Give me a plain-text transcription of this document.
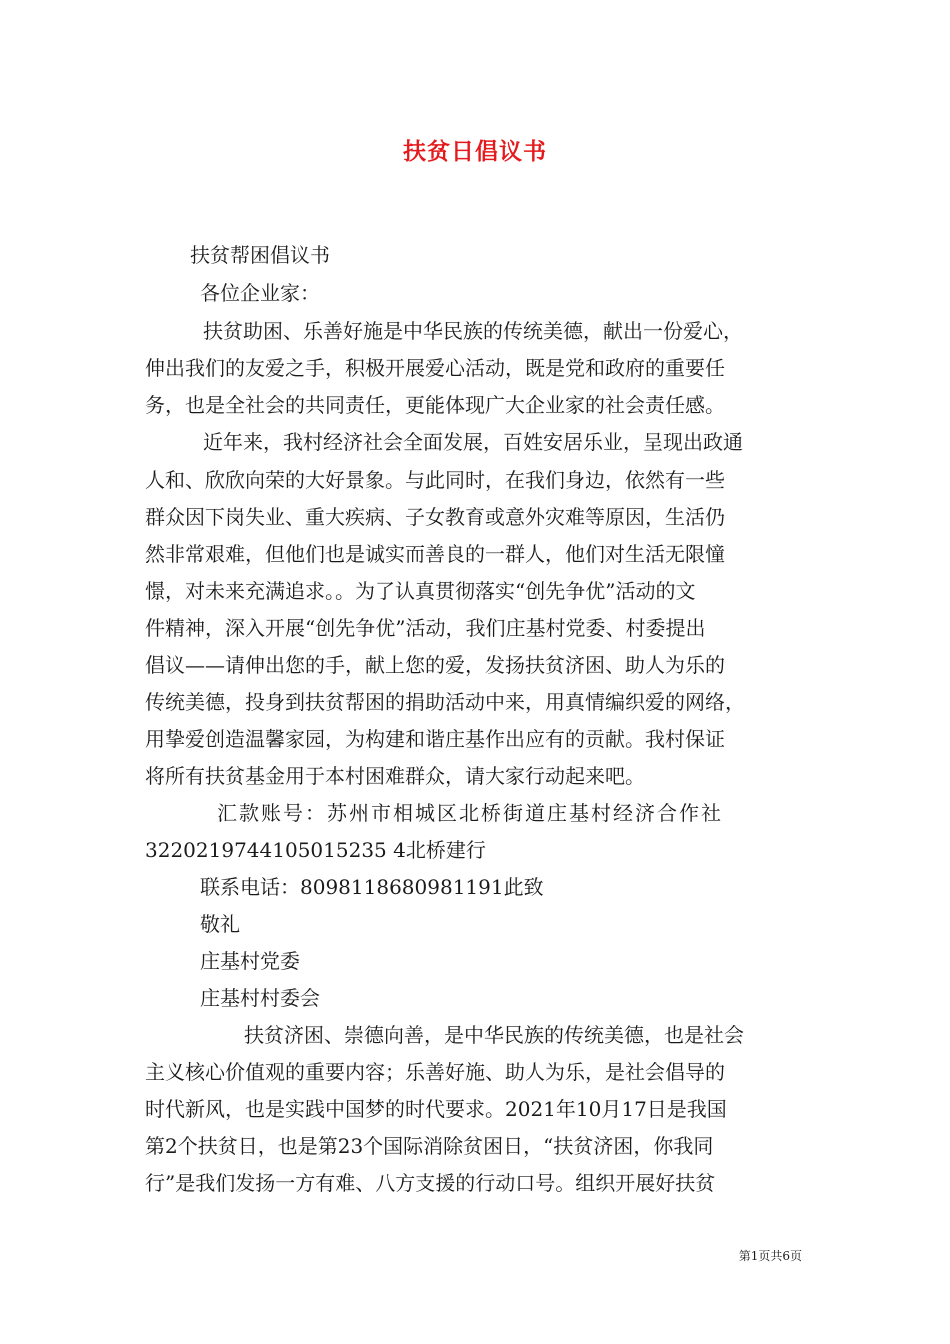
扶贫日倡议书

扶贫帮困倡议书

各位企业家：

扶贫助困、乐善好施是中华民族的传统美德，献出一份爱心，

伸出我们的友爱之手，积极开展爱心活动，既是党和政府的重要任

务，也是全社会的共同责任，更能体现广大企业家的社会责任感。

近年来，我村经济社会全面发展，百姓安居乐业，呈现出政通

人和、欣欣向荣的大好景象。与此同时，在我们身边，依然有一些

群众因下岗失业、重大疾病、子女教育或意外灾难等原因，生活仍

然非常艰难，但他们也是诚实而善良的一群人，他们对生活无限憧

憬，对未来充满追求。。为了认真贯彻落实“创先争优”活动的文

件精神，深入开展“创先争优”活动，我们庄基村党委、村委提出

倡议——请伸出您的手，献上您的爱，发扬扶贫济困、助人为乐的

传统美德，投身到扶贫帮困的捐助活动中来，用真情编织爱的网络，

用挚爱创造温馨家园，为构建和谐庄基作出应有的贡献。我村保证

将所有扶贫基金用于本村困难群众，请大家行动起来吧。

汇款账号：苏州市相城区北桥街道庄基村经济合作社

3220219744105015235 4北桥建行

联系电话：8098118680981191此致

敬礼

庄基村党委

庄基村村委会

扶贫济困、崇德向善，是中华民族的传统美德，也是社会

主义核心价值观的重要内容；乐善好施、助人为乐，是社会倡导的

时代新风，也是实践中国梦的时代要求。2021年10月17日是我国

第2个扶贫日，也是第23个国际消除贫困日，“扶贫济困，你我同

行”是我们发扬一方有难、八方支援的行动口号。组织开展好扶贫

第1页共6页
